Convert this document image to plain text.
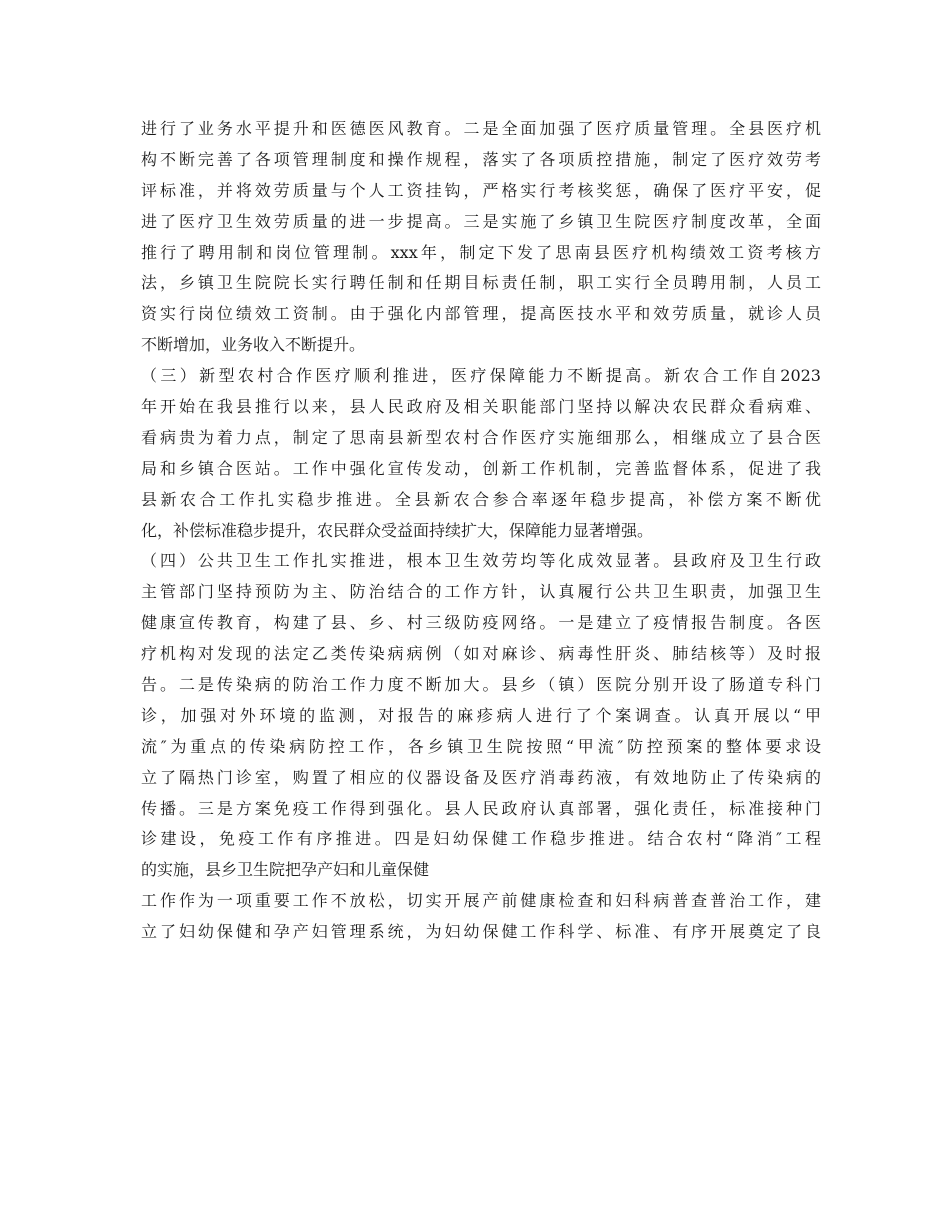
进行了业务水平提升和医德医风教育。二是全面加强了医疗质量管理。全县医疗机
构不断完善了各项管理制度和操作规程，落实了各项质控措施，制定了医疗效劳考
评标准，并将效劳质量与个人工资挂钩，严格实行考核奖惩，确保了医疗平安，促
进了医疗卫生效劳质量的进一步提高。三是实施了乡镇卫生院医疗制度改革，全面
推行了聘用制和岗位管理制。xxx年，制定下发了思南县医疗机构绩效工资考核方
法，乡镇卫生院院长实行聘任制和任期目标责任制，职工实行全员聘用制，人员工
资实行岗位绩效工资制。由于强化内部管理，提高医技水平和效劳质量，就诊人员
不断增加，业务收入不断提升。
（三）新型农村合作医疗顺利推进，医疗保障能力不断提高。新农合工作自2023
年开始在我县推行以来，县人民政府及相关职能部门坚持以解决农民群众看病难、
看病贵为着力点，制定了思南县新型农村合作医疗实施细那么，相继成立了县合医
局和乡镇合医站。工作中强化宣传发动，创新工作机制，完善监督体系，促进了我
县新农合工作扎实稳步推进。全县新农合参合率逐年稳步提高，补偿方案不断优
化，补偿标准稳步提升，农民群众受益面持续扩大，保障能力显著增强。
（四）公共卫生工作扎实推进，根本卫生效劳均等化成效显著。县政府及卫生行政
主管部门坚持预防为主、防治结合的工作方针，认真履行公共卫生职责，加强卫生
健康宣传教育，构建了县、乡、村三级防疫网络。一是建立了疫情报告制度。各医
疗机构对发现的法定乙类传染病病例（如对麻诊、病毒性肝炎、肺结核等）及时报
告。二是传染病的防治工作力度不断加大。县乡（镇）医院分别开设了肠道专科门
诊，加强对外环境的监测，对报告的麻疹病人进行了个案调查。认真开展以“甲
流″为重点的传染病防控工作，各乡镇卫生院按照“甲流″防控预案的整体要求设
立了隔热门诊室，购置了相应的仪器设备及医疗消毒药液，有效地防止了传染病的
传播。三是方案免疫工作得到强化。县人民政府认真部署，强化责任，标准接种门
诊建设，免疫工作有序推进。四是妇幼保健工作稳步推进。结合农村“降消″工程
的实施，县乡卫生院把孕产妇和儿童保健
工作作为一项重要工作不放松，切实开展产前健康检查和妇科病普查普治工作，建
立了妇幼保健和孕产妇管理系统，为妇幼保健工作科学、标准、有序开展奠定了良
